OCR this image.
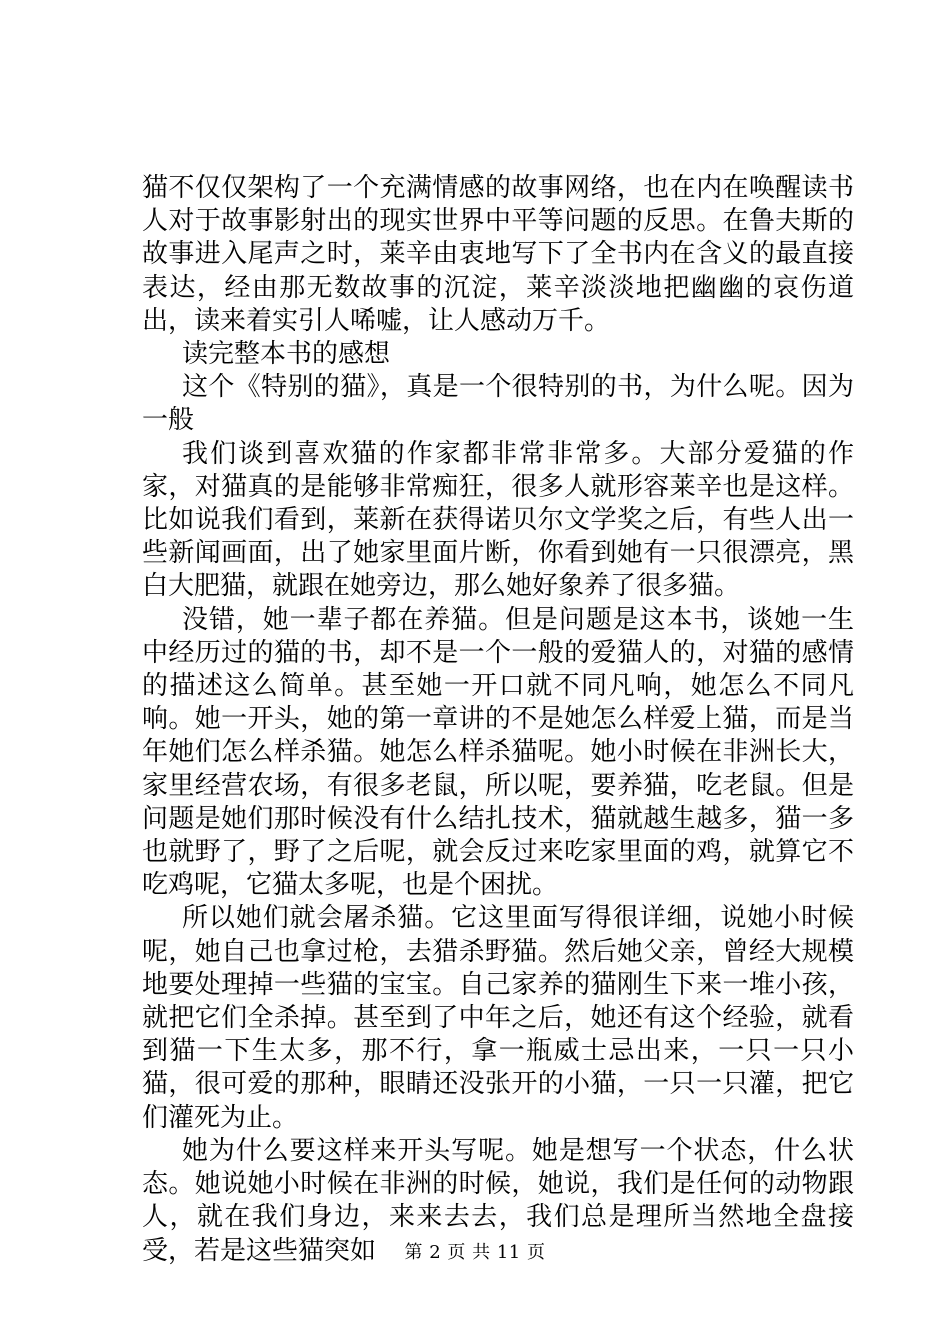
猫不仅仅架构了一个充满情感的故事网络，也在内在唤醒读书人对于故事影射出的现实世界中平等问题的反思。在鲁夫斯的故事进入尾声之时，莱辛由衷地写下了全书内在含义的最直接表达，经由那无数故事的沉淀，莱辛淡淡地把幽幽的哀伤道出，读来着实引人唏嘘，让人感动万千。

读完整本书的感想

这个《特别的猫》，真是一个很特别的书，为什么呢。因为一般

我们谈到喜欢猫的作家都非常非常多。大部分爱猫的作家，对猫真的是能够非常痴狂，很多人就形容莱辛也是这样。比如说我们看到，莱新在获得诺贝尔文学奖之后，有些人出一些新闻画面，出了她家里面片断，你看到她有一只很漂亮，黑白大肥猫，就跟在她旁边，那么她好象养了很多猫。

没错，她一辈子都在养猫。但是问题是这本书，谈她一生中经历过的猫的书，却不是一个一般的爱猫人的，对猫的感情的描述这么简单。甚至她一开口就不同凡响，她怎么不同凡响。她一开头，她的第一章讲的不是她怎么样爱上猫，而是当年她们怎么样杀猫。她怎么样杀猫呢。她小时候在非洲长大，家里经营农场，有很多老鼠，所以呢，要养猫，吃老鼠。但是问题是她们那时候没有什么结扎技术，猫就越生越多，猫一多也就野了，野了之后呢，就会反过来吃家里面的鸡，就算它不吃鸡呢，它猫太多呢，也是个困扰。

所以她们就会屠杀猫。它这里面写得很详细，说她小时候呢，她自己也拿过枪，去猎杀野猫。然后她父亲，曾经大规模地要处理掉一些猫的宝宝。自己家养的猫刚生下来一堆小孩，就把它们全杀掉。甚至到了中年之后，她还有这个经验，就看到猫一下生太多，那不行，拿一瓶威士忌出来，一只一只小猫，很可爱的那种，眼睛还没张开的小猫，一只一只灌，把它们灌死为止。

她为什么要这样来开头写呢。她是想写一个状态，什么状态。她说她小时候在非洲的时候，她说，我们是任何的动物跟人，就在我们身边，来来去去，我们总是理所当然地全盘接受，若是这些猫突如	第 2 页 共 11 页
